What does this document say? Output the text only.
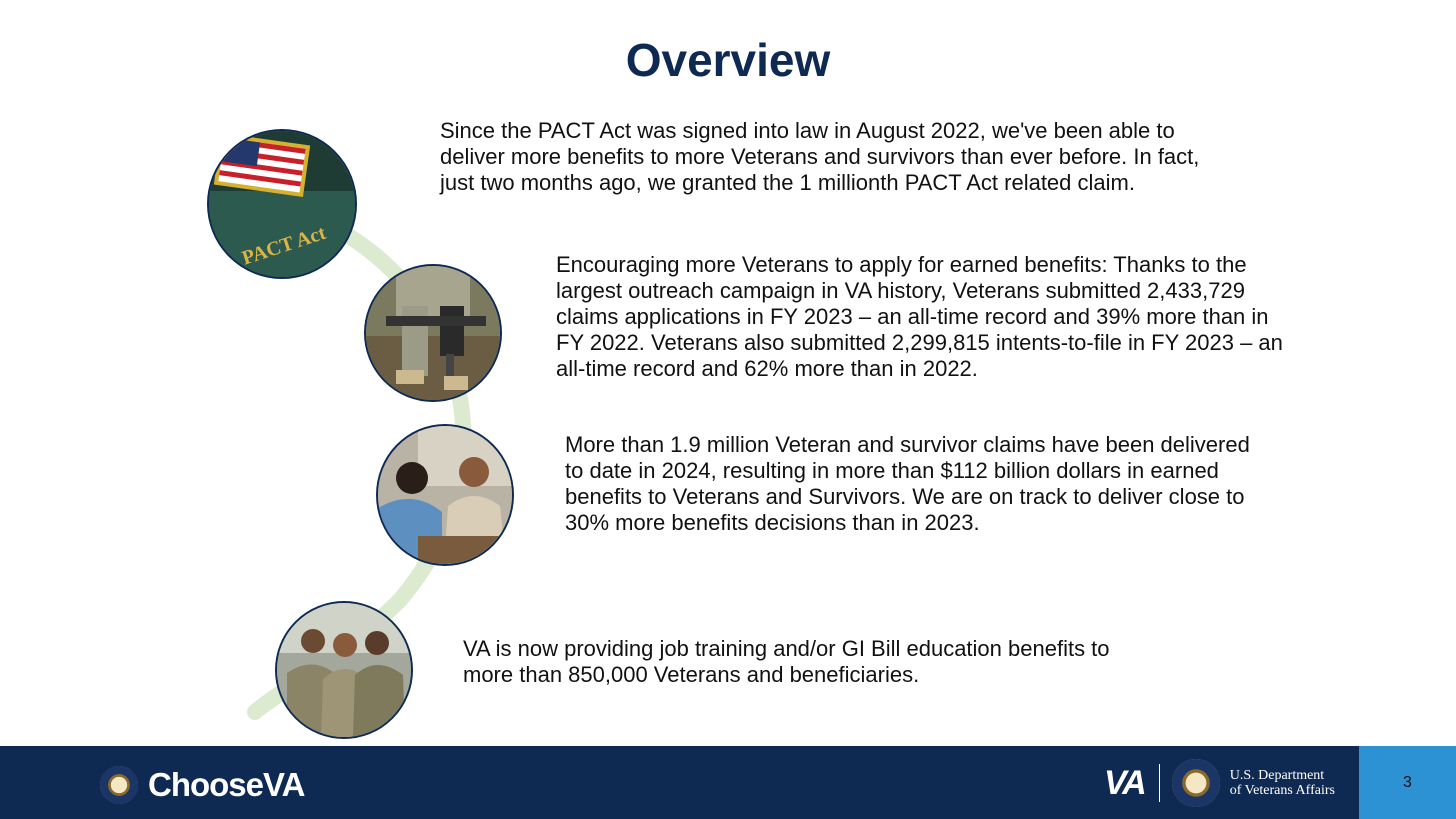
Overview
PACT Act
Since the PACT Act was signed into law in August 2022, we've been able to deliver more benefits to more Veterans and survivors than ever before. In fact, just two months ago, we granted the 1 millionth PACT Act related claim.
Encouraging more Veterans to apply for earned benefits: Thanks to the largest outreach campaign in VA history, Veterans submitted 2,433,729 claims applications in FY 2023 – an all-time record and 39% more than in FY 2022. Veterans also submitted 2,299,815 intents-to-file in FY 2023 – an all-time record and 62% more than in 2022.
More than 1.9 million Veteran and survivor claims have been delivered to date in 2024, resulting in more than $112 billion dollars in earned benefits to Veterans and Survivors. We are on track to deliver close to 30% more benefits decisions than in 2023.
VA is now providing job training and/or GI Bill education benefits to more than 850,000 Veterans and beneficiaries.
ChooseVA	VA	U.S. Department
of Veterans Affairs	3
